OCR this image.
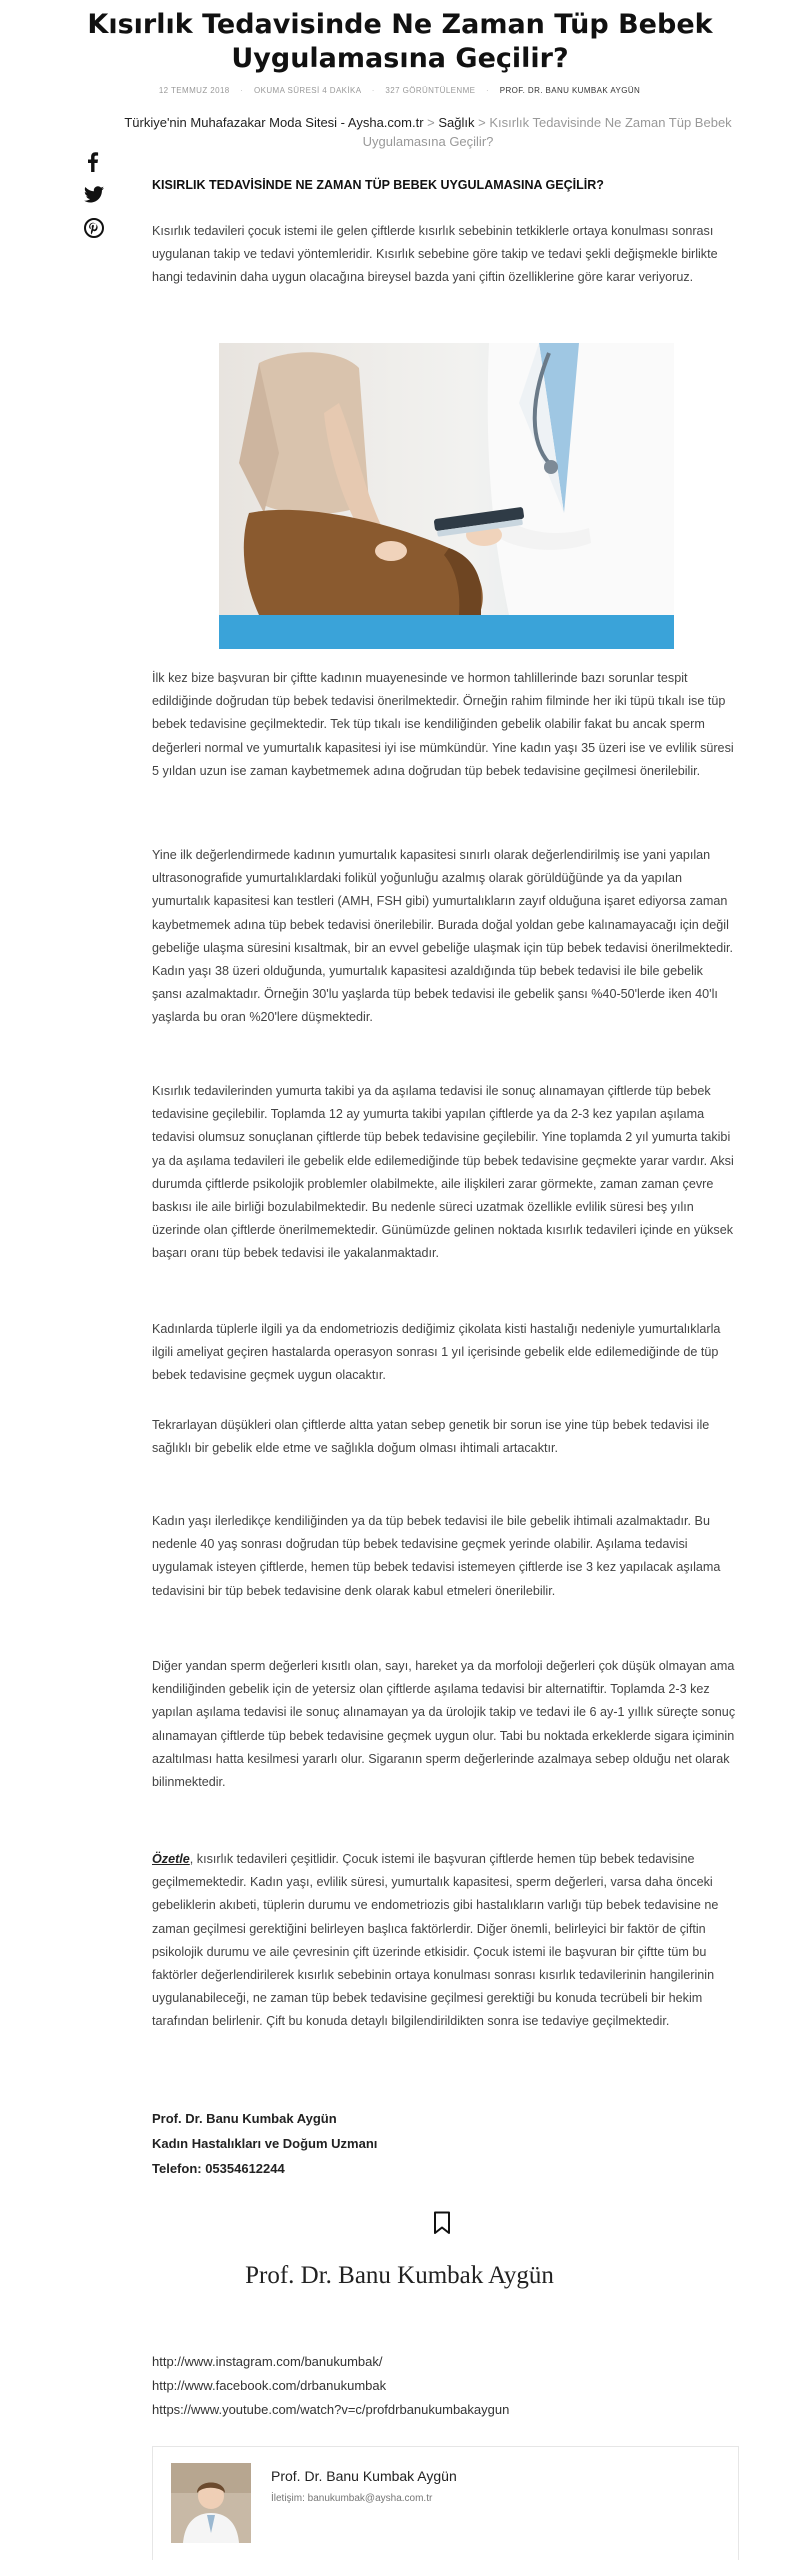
Kısırlık Tedavisinde Ne Zaman Tüp Bebek Uygulamasına Geçilir?
12 TEMMUZ 2018 · OKUMA SÜRESİ 4 DAKİKA · 327 GÖRÜNTÜLENME · PROF. DR. BANU KUMBAK AYGÜN
Türkiye'nin Muhafazakar Moda Sitesi - Aysha.com.tr > Sağlık > Kısırlık Tedavisinde Ne Zaman Tüp Bebek Uygulamasına Geçilir?
KISIRLIK TEDAVİSİNDE NE ZAMAN TÜP BEBEK UYGULAMASINA GEÇİLİR?

Kısırlık tedavileri çocuk istemi ile gelen çiftlerde kısırlık sebebinin tetkiklerle ortaya konulması sonrası uygulanan takip ve tedavi yöntemleridir. Kısırlık sebebine göre takip ve tedavi şekli değişmekle birlikte hangi tedavinin daha uygun olacağına bireysel bazda yani çiftin özelliklerine göre karar veriyoruz.

İlk kez bize başvuran bir çiftte kadının muayenesinde ve hormon tahlillerinde bazı sorunlar tespit edildiğinde doğrudan tüp bebek tedavisi önerilmektedir. Örneğin rahim filminde her iki tüpü tıkalı ise tüp bebek tedavisine geçilmektedir. Tek tüp tıkalı ise kendiliğinden gebelik olabilir fakat bu ancak sperm değerleri normal ve yumurtalık kapasitesi iyi ise mümkündür. Yine kadın yaşı 35 üzeri ise ve evlilik süresi 5 yıldan uzun ise zaman kaybetmemek adına doğrudan tüp bebek tedavisine geçilmesi önerilebilir.

Yine ilk değerlendirmede kadının yumurtalık kapasitesi sınırlı olarak değerlendirilmiş ise yani yapılan ultrasonografide yumurtalıklardaki folikül yoğunluğu azalmış olarak görüldüğünde ya da yapılan yumurtalık kapasitesi kan testleri (AMH, FSH gibi) yumurtalıkların zayıf olduğuna işaret ediyorsa zaman kaybetmemek adına tüp bebek tedavisi önerilebilir. Burada doğal yoldan gebe kalınamayacağı için değil gebeliğe ulaşma süresini kısaltmak, bir an evvel gebeliğe ulaşmak için tüp bebek tedavisi önerilmektedir. Kadın yaşı 38 üzeri olduğunda, yumurtalık kapasitesi azaldığında tüp bebek tedavisi ile bile gebelik şansı azalmaktadır. Örneğin 30'lu yaşlarda tüp bebek tedavisi ile gebelik şansı %40-50'lerde iken 40'lı yaşlarda bu oran %20'lere düşmektedir.

Kısırlık tedavilerinden yumurta takibi ya da aşılama tedavisi ile sonuç alınamayan çiftlerde tüp bebek tedavisine geçilebilir. Toplamda 12 ay yumurta takibi yapılan çiftlerde ya da 2-3 kez yapılan aşılama tedavisi olumsuz sonuçlanan çiftlerde tüp bebek tedavisine geçilebilir. Yine toplamda 2 yıl yumurta takibi ya da aşılama tedavileri ile gebelik elde edilemediğinde tüp bebek tedavisine geçmekte yarar vardır. Aksi durumda çiftlerde psikolojik problemler olabilmekte, aile ilişkileri zarar görmekte, zaman zaman çevre baskısı ile aile birliği bozulabilmektedir. Bu nedenle süreci uzatmak özellikle evlilik süresi beş yılın üzerinde olan çiftlerde önerilmemektedir. Günümüzde gelinen noktada kısırlık tedavileri içinde en yüksek başarı oranı tüp bebek tedavisi ile yakalanmaktadır.

Kadınlarda tüplerle ilgili ya da endometriozis dediğimiz çikolata kisti hastalığı nedeniyle yumurtalıklarla ilgili ameliyat geçiren hastalarda operasyon sonrası 1 yıl içerisinde gebelik elde edilemediğinde de tüp bebek tedavisine geçmek uygun olacaktır.

Tekrarlayan düşükleri olan çiftlerde altta yatan sebep genetik bir sorun ise yine tüp bebek tedavisi ile sağlıklı bir gebelik elde etme ve sağlıkla doğum olması ihtimali artacaktır.

Kadın yaşı ilerledikçe kendiliğinden ya da tüp bebek tedavisi ile bile gebelik ihtimali azalmaktadır. Bu nedenle 40 yaş sonrası doğrudan tüp bebek tedavisine geçmek yerinde olabilir. Aşılama tedavisi uygulamak isteyen çiftlerde, hemen tüp bebek tedavisi istemeyen çiftlerde ise 3 kez yapılacak aşılama tedavisini bir tüp bebek tedavisine denk olarak kabul etmeleri önerilebilir.

Diğer yandan sperm değerleri kısıtlı olan, sayı, hareket ya da morfoloji değerleri çok düşük olmayan ama kendiliğinden gebelik için de yetersiz olan çiftlerde aşılama tedavisi bir alternatiftir. Toplamda 2-3 kez yapılan aşılama tedavisi ile sonuç alınamayan ya da ürolojik takip ve tedavi ile 6 ay-1 yıllık süreçte sonuç alınamayan çiftlerde tüp bebek tedavisine geçmek uygun olur. Tabi bu noktada erkeklerde sigara içiminin azaltılması hatta kesilmesi yararlı olur. Sigaranın sperm değerlerinde azalmaya sebep olduğu net olarak bilinmektedir.

Özetle, kısırlık tedavileri çeşitlidir. Çocuk istemi ile başvuran çiftlerde hemen tüp bebek tedavisine geçilmemektedir. Kadın yaşı, evlilik süresi, yumurtalık kapasitesi, sperm değerleri, varsa daha önceki gebeliklerin akıbeti, tüplerin durumu ve endometriozis gibi hastalıkların varlığı tüp bebek tedavisine ne zaman geçilmesi gerektiğini belirleyen başlıca faktörlerdir. Diğer önemli, belirleyici bir faktör de çiftin psikolojik durumu ve aile çevresinin çift üzerinde etkisidir. Çocuk istemi ile başvuran bir çiftte tüm bu faktörler değerlendirilerek kısırlık sebebinin ortaya konulması sonrası kısırlık tedavilerinin hangilerinin uygulanabileceği, ne zaman tüp bebek tedavisine geçilmesi gerektiği bu konuda tecrübeli bir hekim tarafından belirlenir. Çift bu konuda detaylı bilgilendirildikten sonra ise tedaviye geçilmektedir.

Prof. Dr. Banu Kumbak Aygün
Kadın Hastalıkları ve Doğum Uzmanı
Telefon: 05354612244
Prof. Dr. Banu Kumbak Aygün
http://www.instagram.com/banukumbak/
http://www.facebook.com/drbanukumbak
https://www.youtube.com/watch?v=c/profdrbanukumbakaygun
Prof. Dr. Banu Kumbak Aygün
İletişim: banukumbak@aysha.com.tr
